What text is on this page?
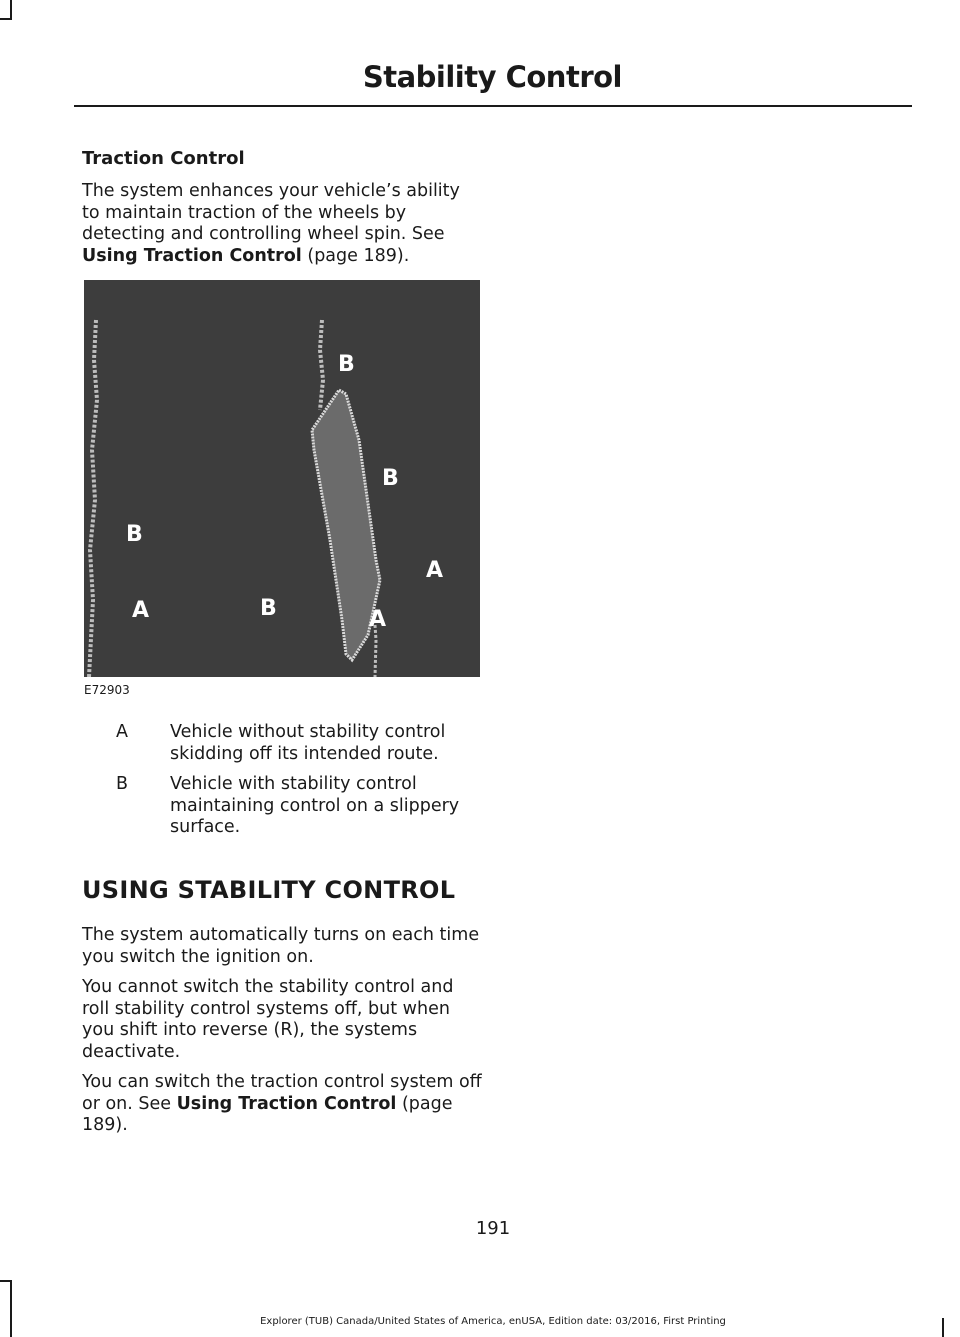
Stability Control
Traction Control
The system enhances your vehicle’s ability
to maintain traction of the wheels by
detecting and controlling wheel spin. See
Using Traction Control (page 189).
B
B
B
A
B
A	A
E72903
A Vehicle without stability control skidding off its intended route.
B Vehicle with stability control maintaining control on a slippery surface.
USING STABILITY CONTROL
The system automatically turns on each time you switch the ignition on.
You cannot switch the stability control and roll stability control systems off, but when you shift into reverse (R), the systems deactivate.
You can switch the traction control system off or on. See Using Traction Control (page 189).
191
Explorer (TUB) Canada/United States of America, enUSA, Edition date: 03/2016, First Printing
